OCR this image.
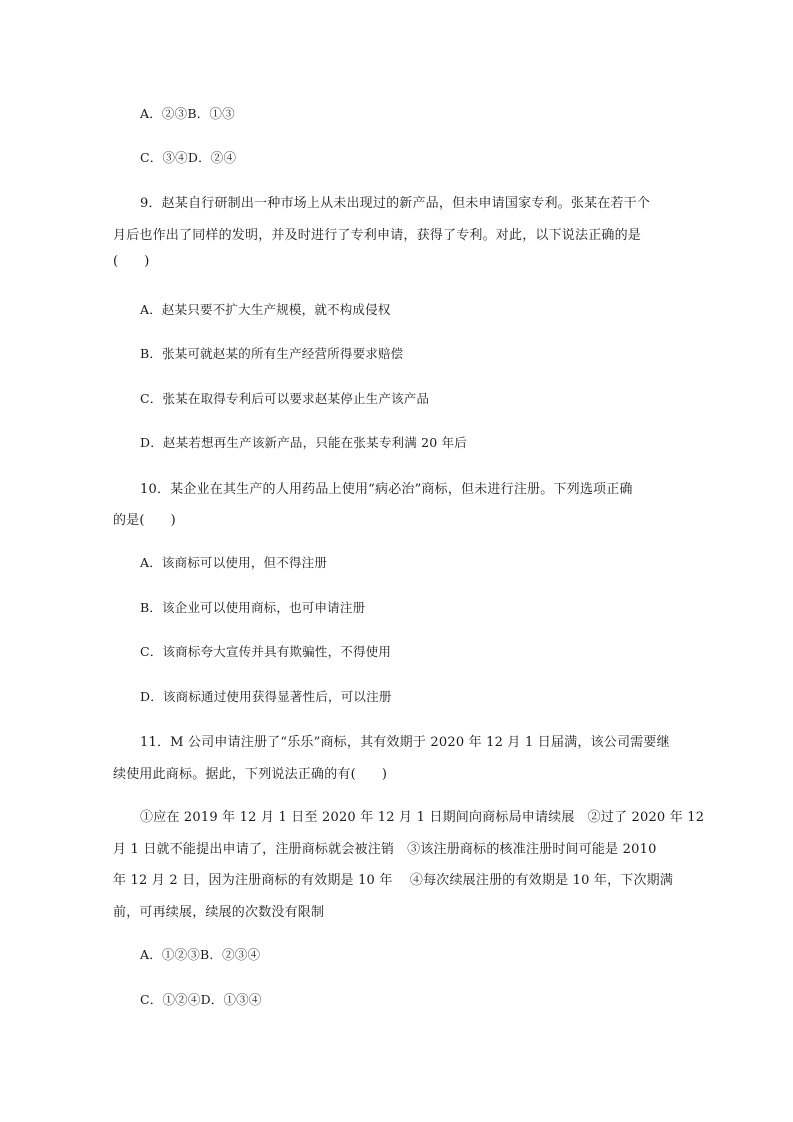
A．②③B．①③
C．③④D．②④
9．赵某自行研制出一种市场上从未出现过的新产品，但未申请国家专利。张某在若干个
月后也作出了同样的发明，并及时进行了专利申请，获得了专利。对此，以下说法正确的是
(      )
A．赵某只要不扩大生产规模，就不构成侵权
B．张某可就赵某的所有生产经营所得要求赔偿
C．张某在取得专利后可以要求赵某停止生产该产品
D．赵某若想再生产该新产品，只能在张某专利满 20 年后
10．某企业在其生产的人用药品上使用“病必治”商标，但未进行注册。下列选项正确
的是(      )
A．该商标可以使用，但不得注册
B．该企业可以使用商标，也可申请注册
C．该商标夸大宣传并具有欺骗性，不得使用
D．该商标通过使用获得显著性后，可以注册
11．M 公司申请注册了“乐乐”商标，其有效期于 2020 年 12 月 1 日届满，该公司需要继
续使用此商标。据此，下列说法正确的有(      )
①应在 2019 年 12 月 1 日至 2020 年 12 月 1 日期间向商标局申请续展   ②过了 2020 年 12
月 1 日就不能提出申请了，注册商标就会被注销   ③该注册商标的核准注册时间可能是 2010
年 12 月 2 日，因为注册商标的有效期是 10 年    ④每次续展注册的有效期是 10 年，下次期满
前，可再续展，续展的次数没有限制
A．①②③B．②③④
C．①②④D．①③④
